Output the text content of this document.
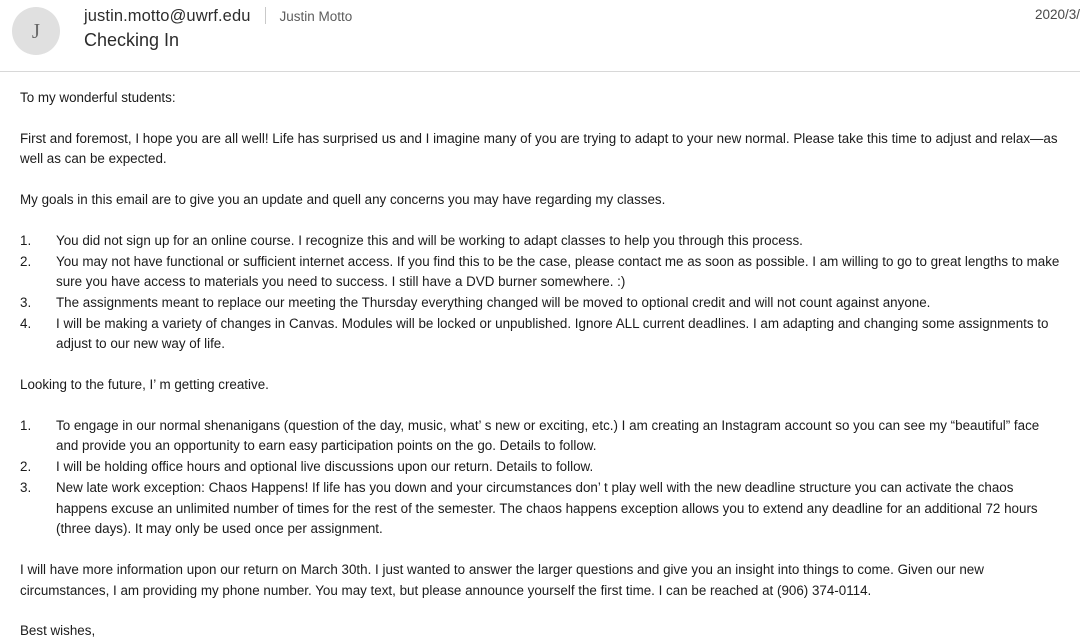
J
justin.motto@uwrf.edu Justin Motto	2020/3/
Checking In

To my wonderful students:

First and foremost, I hope you are all well! Life has surprised us and I imagine many of you are trying to adapt to your new normal. Please take this time to adjust and relax—as well as can be expected.

My goals in this email are to give you an update and quell any concerns you may have regarding my classes.

1. You did not sign up for an online course. I recognize this and will be working to adapt classes to help you through this process.
2. You may not have functional or sufficient internet access. If you find this to be the case, please contact me as soon as possible. I am willing to go to great lengths to make sure you have access to materials you need to success. I still have a DVD burner somewhere. :)
3. The assignments meant to replace our meeting the Thursday everything changed will be moved to optional credit and will not count against anyone.
4. I will be making a variety of changes in Canvas. Modules will be locked or unpublished. Ignore ALL current deadlines. I am adapting and changing some assignments to adjust to our new way of life.

Looking to the future, I’ m getting creative.

1. To engage in our normal shenanigans (question of the day, music, what’ s new or exciting, etc.) I am creating an Instagram account so you can see my “beautiful” face and provide you an opportunity to earn easy participation points on the go. Details to follow.
2. I will be holding office hours and optional live discussions upon our return. Details to follow.
3. New late work exception: Chaos Happens! If life has you down and your circumstances don’ t play well with the new deadline structure you can activate the chaos happens excuse an unlimited number of times for the rest of the semester. The chaos happens exception allows you to extend any deadline for an additional 72 hours (three days). It may only be used once per assignment.

I will have more information upon our return on March 30th. I just wanted to answer the larger questions and give you an insight into things to come. Given our new circumstances, I am providing my phone number. You may text, but please announce yourself the first time. I can be reached at (906) 374-0114.

Best wishes,
